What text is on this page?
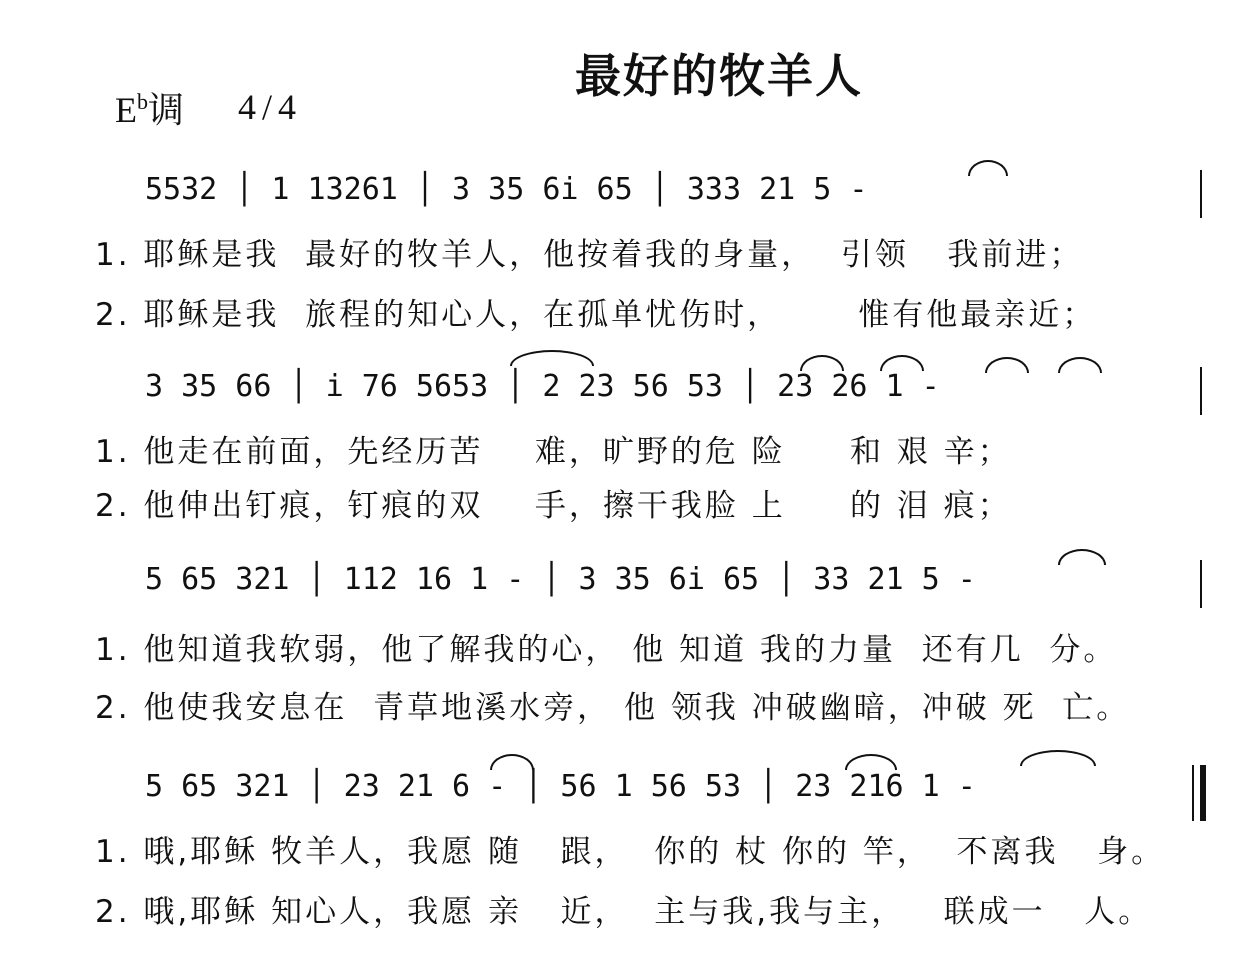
最好的牧羊人
$E^b$调 4/4
5532 │ 1 13261 │ 3 35 6i 65 │ 333 21 5 -
1. 耶稣是我  最好的牧羊人，他按着我的身量，  引领   我前进；
2. 耶稣是我  旅程的知心人，在孤单忧伤时，      惟有他最亲近；
3 35 66 │ i 76 5653 │ 2 23 56 53 │ 23 26 1 -
1. 他走在前面，先经历苦    难，旷野的危 险     和 艰 辛；
2. 他伸出钉痕，钉痕的双    手，擦干我脸 上     的 泪 痕；
5 65 321 │ 112 16 1 - │ 3 35 6i 65 │ 33 21 5 -
1. 他知道我软弱，他了解我的心， 他 知道 我的力量  还有几  分。
2. 他使我安息在  青草地溪水旁， 他 领我 冲破幽暗，冲破 死  亡。
5 65 321 │ 23 21 6 - │ 56 1 56 53 │ 23 216 1 -
1. 哦,耶稣 牧羊人，我愿 随   跟，  你的 杖 你的 竿，  不离我   身。
2. 哦,耶稣 知心人，我愿 亲   近，  主与我,我与主，   联成一   人。
